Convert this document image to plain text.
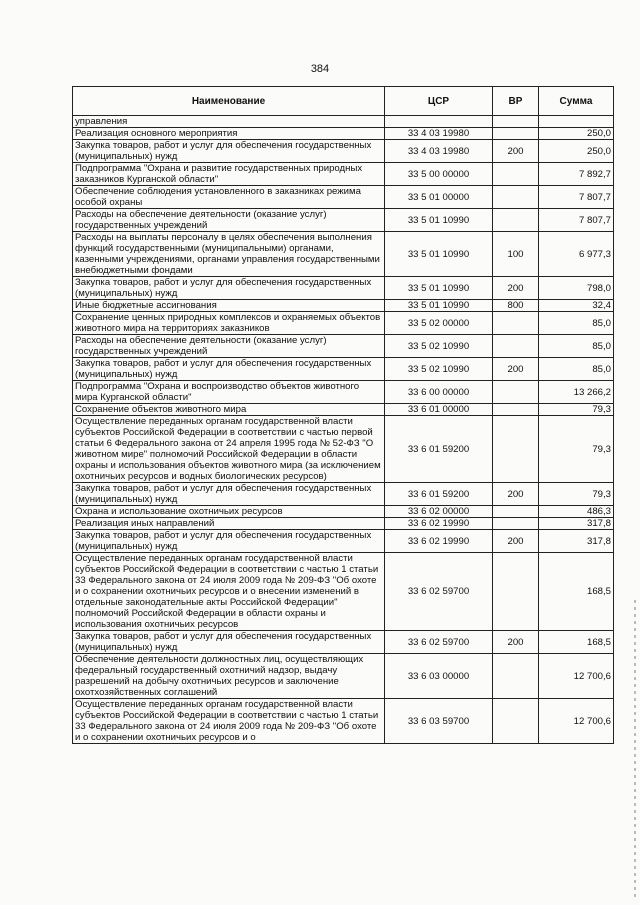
384
Наименование	ЦСР	ВР	Сумма
управления			
Реализация основного мероприятия	33 4 03 19980		250,0
Закупка товаров, работ и услуг для обеспечения государственных (муниципальных) нужд	33 4 03 19980	200	250,0
Подпрограмма "Охрана и развитие государственных природных заказников Курганской области"	33 5 00 00000		7 892,7
Обеспечение соблюдения установленного в заказниках режима особой охраны	33 5 01 00000		7 807,7
Расходы на обеспечение деятельности (оказание услуг) государственных учреждений	33 5 01 10990		7 807,7
Расходы на выплаты персоналу в целях обеспечения выполнения функций государственными (муниципальными) органами, казенными учреждениями, органами управления государственными внебюджетными фондами	33 5 01 10990	100	6 977,3
Закупка товаров, работ и услуг для обеспечения государственных (муниципальных) нужд	33 5 01 10990	200	798,0
Иные бюджетные ассигнования	33 5 01 10990	800	32,4
Сохранение ценных природных комплексов и охраняемых объектов животного мира на территориях заказников	33 5 02 00000		85,0
Расходы на обеспечение деятельности (оказание услуг) государственных учреждений	33 5 02 10990		85,0
Закупка товаров, работ и услуг для обеспечения государственных (муниципальных) нужд	33 5 02 10990	200	85,0
Подпрограмма "Охрана и воспроизводство объектов животного мира Курганской области"	33 6 00 00000		13 266,2
Сохранение объектов животного мира	33 6 01 00000		79,3
Осуществление переданных органам государственной власти субъектов Российской Федерации в соответствии с частью первой статьи 6 Федерального закона от 24 апреля 1995 года № 52-ФЗ "О животном мире" полномочий Российской Федерации в области охраны и использования объектов животного мира (за исключением охотничьих ресурсов и водных биологических ресурсов)	33 6 01 59200		79,3
Закупка товаров, работ и услуг для обеспечения государственных (муниципальных) нужд	33 6 01 59200	200	79,3
Охрана и использование охотничьих ресурсов	33 6 02 00000		486,3
Реализация иных направлений	33 6 02 19990		317,8
Закупка товаров, работ и услуг для обеспечения государственных (муниципальных) нужд	33 6 02 19990	200	317,8
Осуществление переданных органам государственной власти субъектов Российской Федерации в соответствии с частью 1 статьи 33 Федерального закона от 24 июля 2009 года № 209-ФЗ "Об охоте и о сохранении охотничьих ресурсов и о внесении изменений в отдельные законодательные акты Российской Федерации" полномочий Российской Федерации в области охраны и использования охотничьих ресурсов	33 6 02 59700		168,5
Закупка товаров, работ и услуг для обеспечения государственных (муниципальных) нужд	33 6 02 59700	200	168,5
Обеспечение деятельности должностных лиц, осуществляющих федеральный государственный охотничий надзор, выдачу разрешений на добычу охотничьих ресурсов и заключение охотхозяйственных соглашений	33 6 03 00000		12 700,6
Осуществление переданных органам государственной власти субъектов Российской Федерации в соответствии с частью 1 статьи 33 Федерального закона от 24 июля 2009 года № 209-ФЗ "Об охоте и о сохранении охотничьих ресурсов и о	33 6 03 59700		12 700,6
